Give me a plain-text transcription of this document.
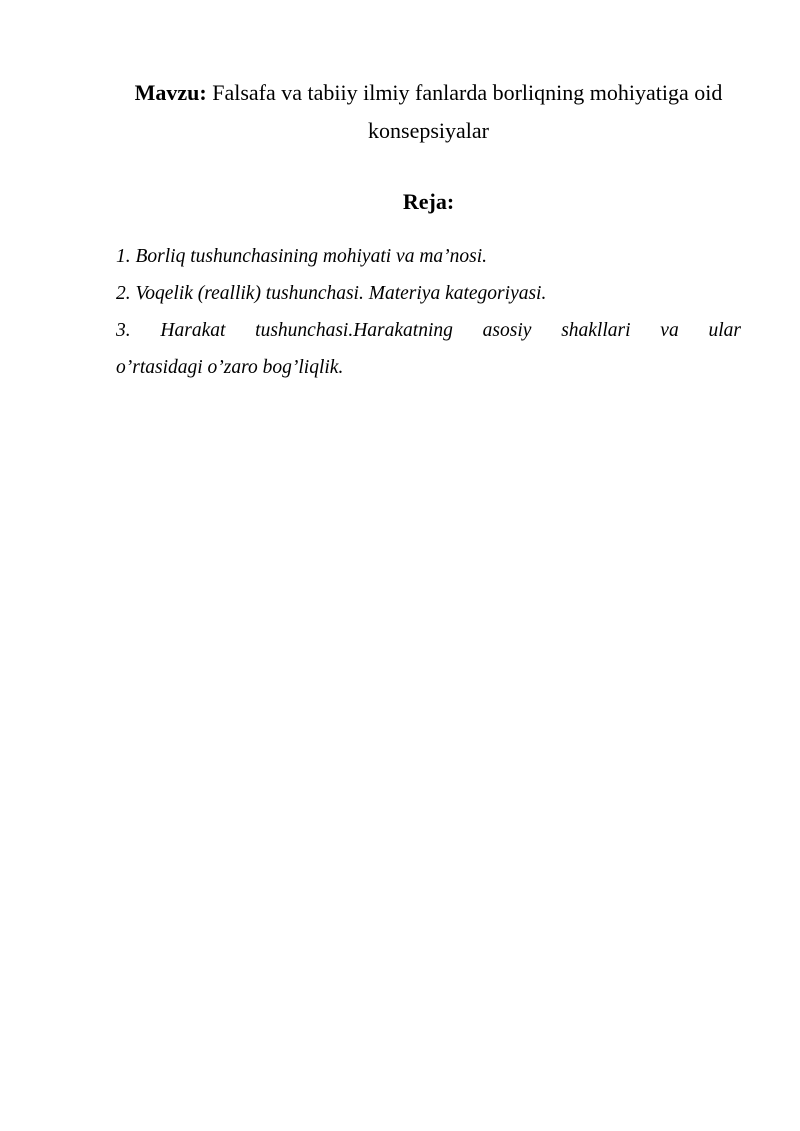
Mavzu: Falsafa va tabiiy ilmiy fanlarda borliqning mohiyatiga oid konsepsiyalar
Reja:
1. Borliq tushunchasining mohiyati va ma’nosi.
2. Voqelik (reallik) tushunchasi. Materiya kategoriyasi.
3. Harakat tushunchasi.Harakatning asosiy shakllari va ular
o’rtasidagi o’zaro bog’liqlik.
